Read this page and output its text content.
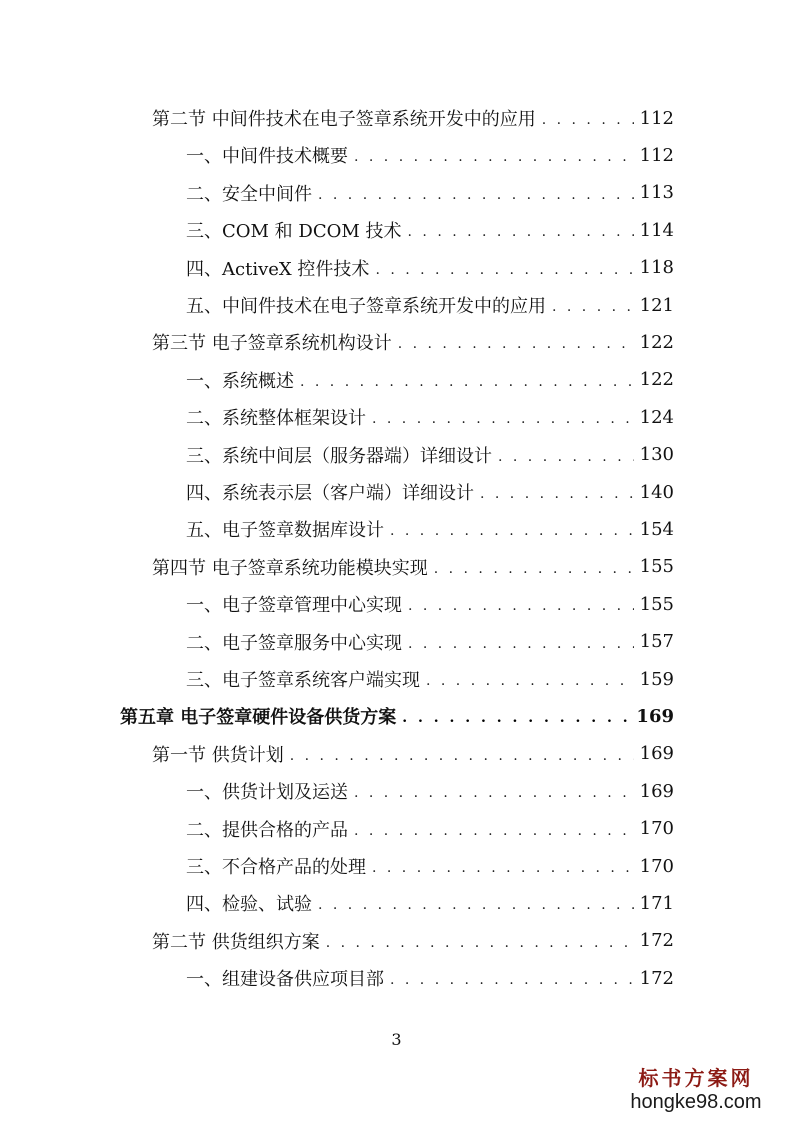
第二节 中间件技术在电子签章系统开发中的应用 . . .	112
一、中间件技术概要 . . .	112
二、安全中间件 . . .	113
三、COM 和 DCOM 技术 . . .	114
四、ActiveX 控件技术 . . .	118
五、中间件技术在电子签章系统开发中的应用 . . .	121
第三节 电子签章系统机构设计 . . .	122
一、系统概述 . . .	122
二、系统整体框架设计 . . .	124
三、系统中间层（服务器端）详细设计 . . .	130
四、系统表示层（客户端）详细设计 . . .	140
五、电子签章数据库设计 . . .	154
第四节 电子签章系统功能模块实现 . . .	155
一、电子签章管理中心实现 . . .	155
二、电子签章服务中心实现 . . .	157
三、电子签章系统客户端实现 . . .	159
第五章 电子签章硬件设备供货方案 . . .	169
第一节 供货计划 . . .	169
一、供货计划及运送 . . .	169
二、提供合格的产品 . . .	170
三、不合格产品的处理 . . .	170
四、检验、试验 . . .	171
第二节 供货组织方案 . . .	172
一、组建设备供应项目部 . . .	172
3
标书方案网
hongke98.com
